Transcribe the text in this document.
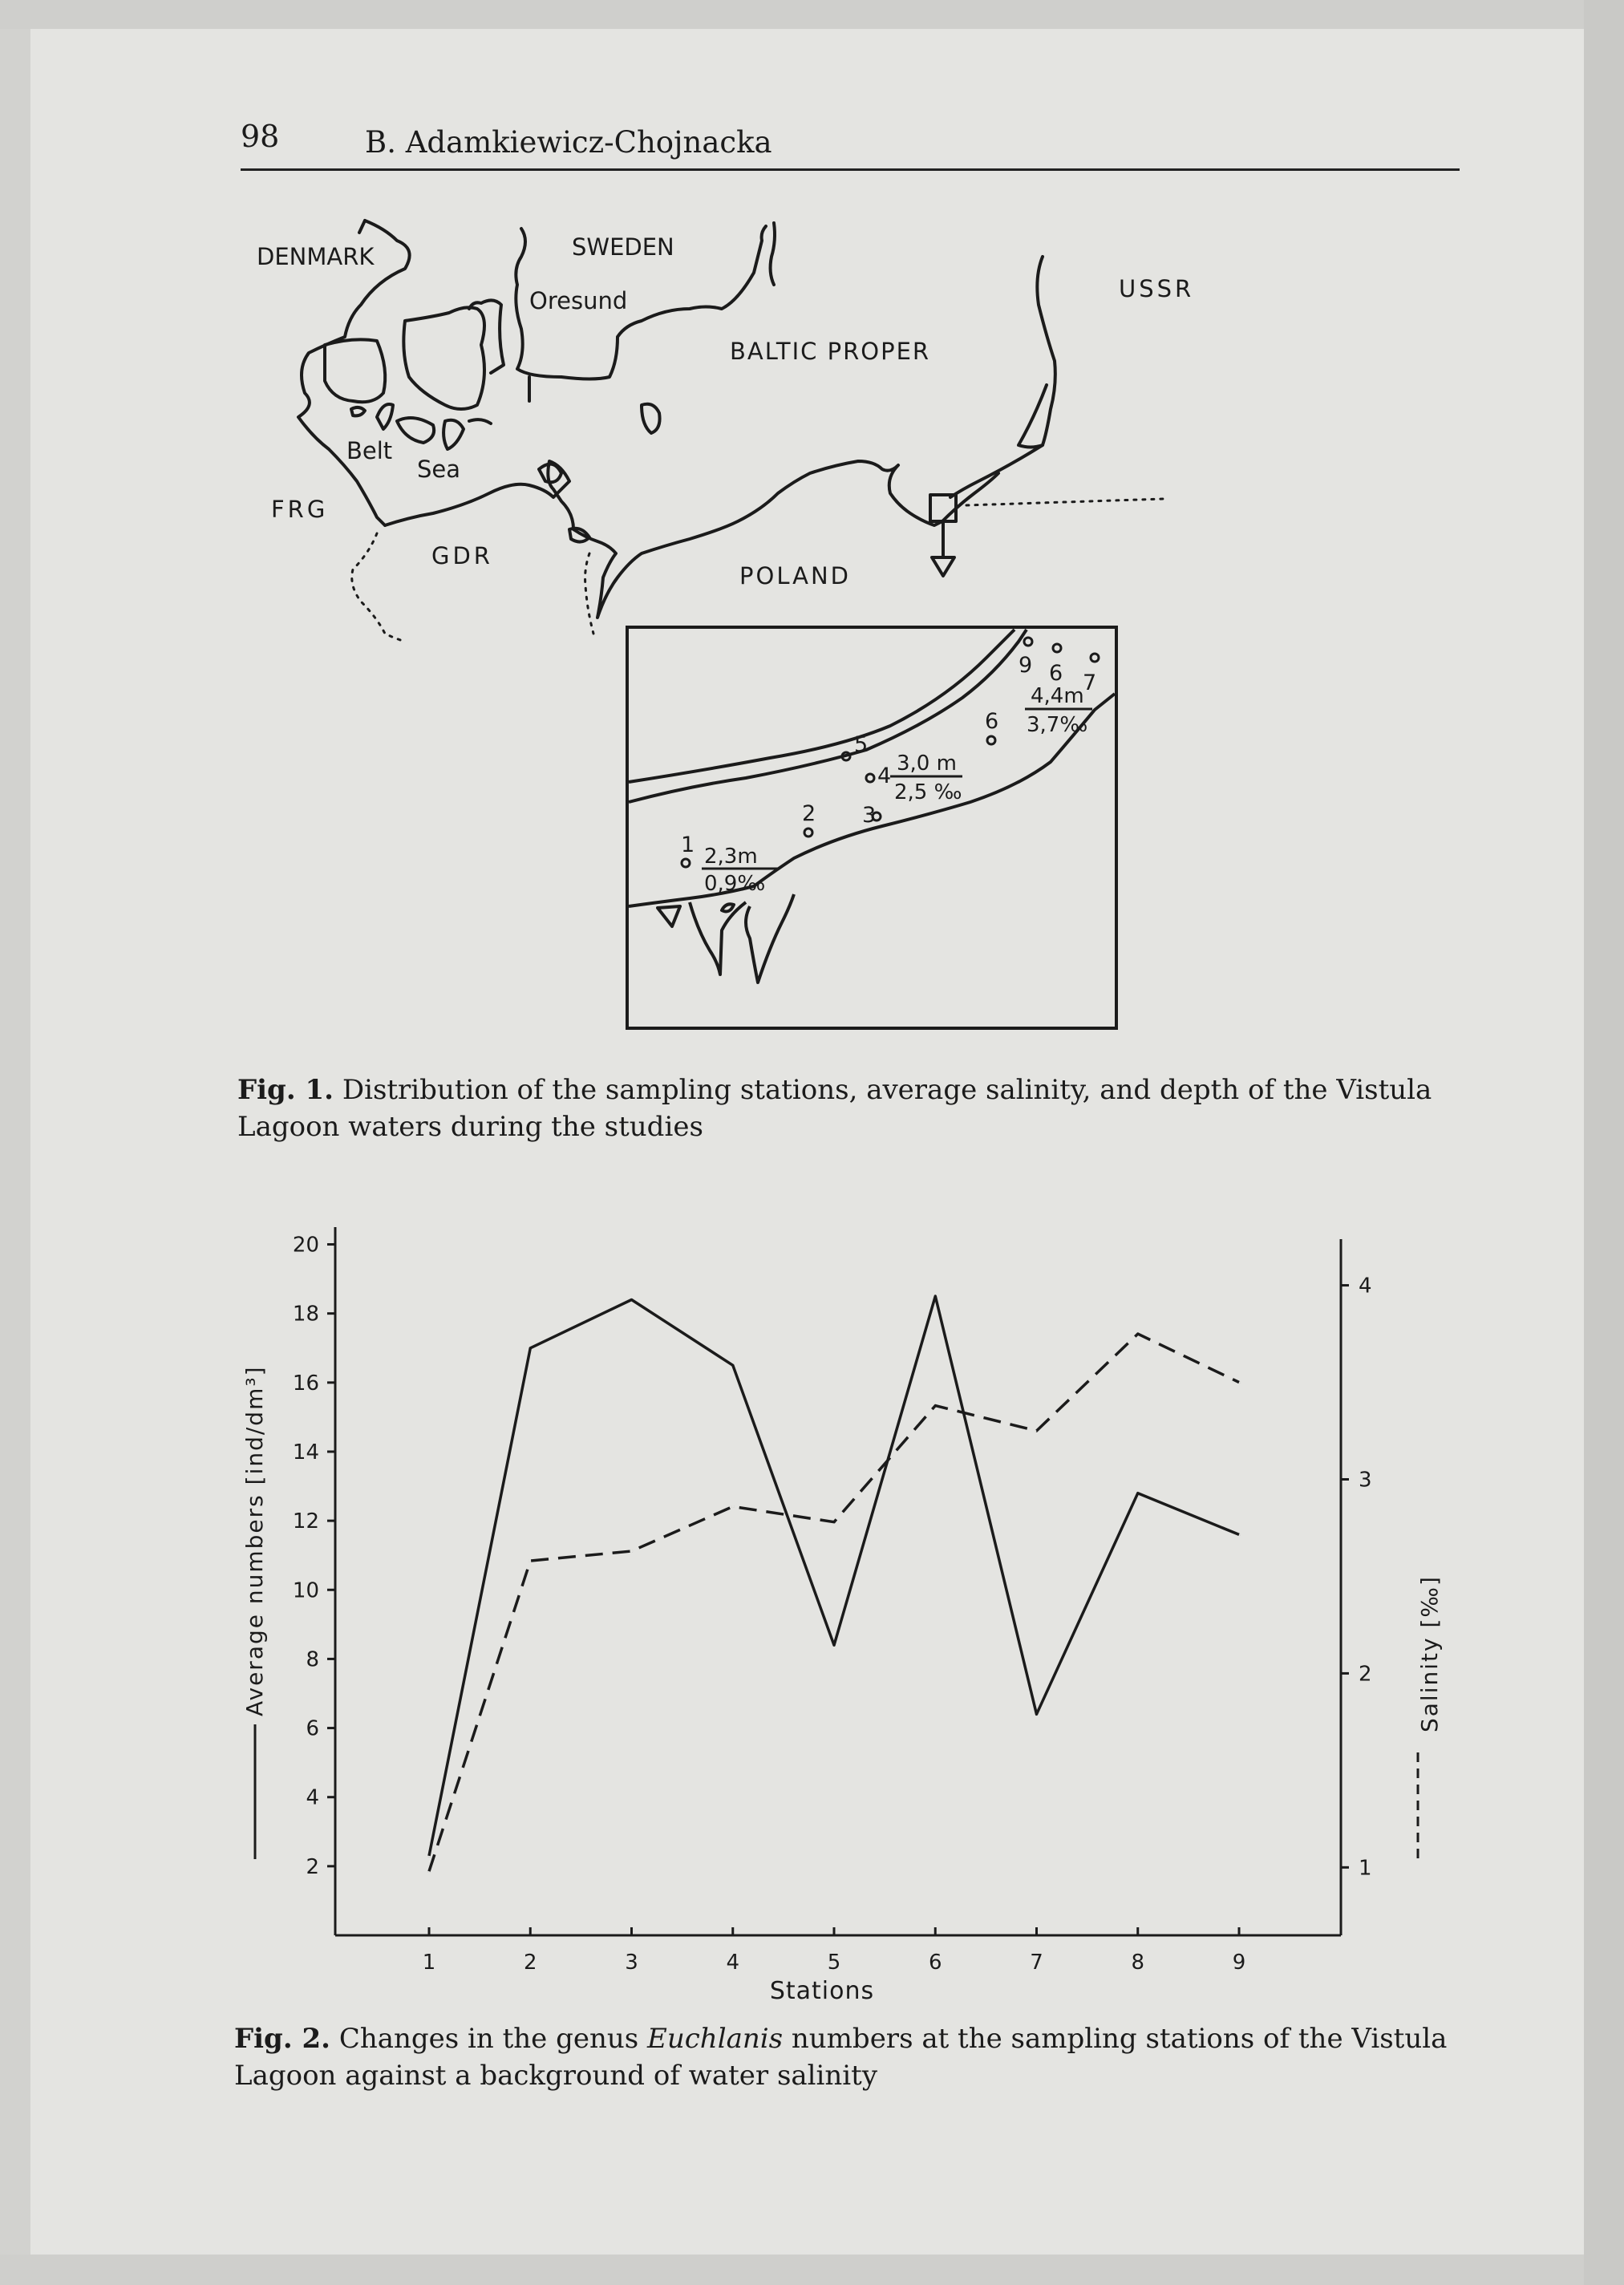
98	B. Adamkiewicz-Chojnacka
DENMARK	SWEDEN
Oresund	USSR
BALTIC PROPER
Belt
Sea
FRG
GDR
POLAND
1
2
4
5
3
6
9 6 7
2,3m
0,9‰
3,0 m
2,5 ‰
4,4m
3,7‰
Fig. 1. Distribution of the sampling stations, average salinity, and depth of the Vistula Lagoon waters during the studies
1	2	3	4	5	6	7	8	9
2
4
6
8
10
12
14
16
18
20
1
2
3
4
Stations
Average numbers [ind/dm³]	Salinity [‰]
Fig. 2. Changes in the genus Euchlanis numbers at the sampling stations of the Vistula Lagoon against a background of water salinity
